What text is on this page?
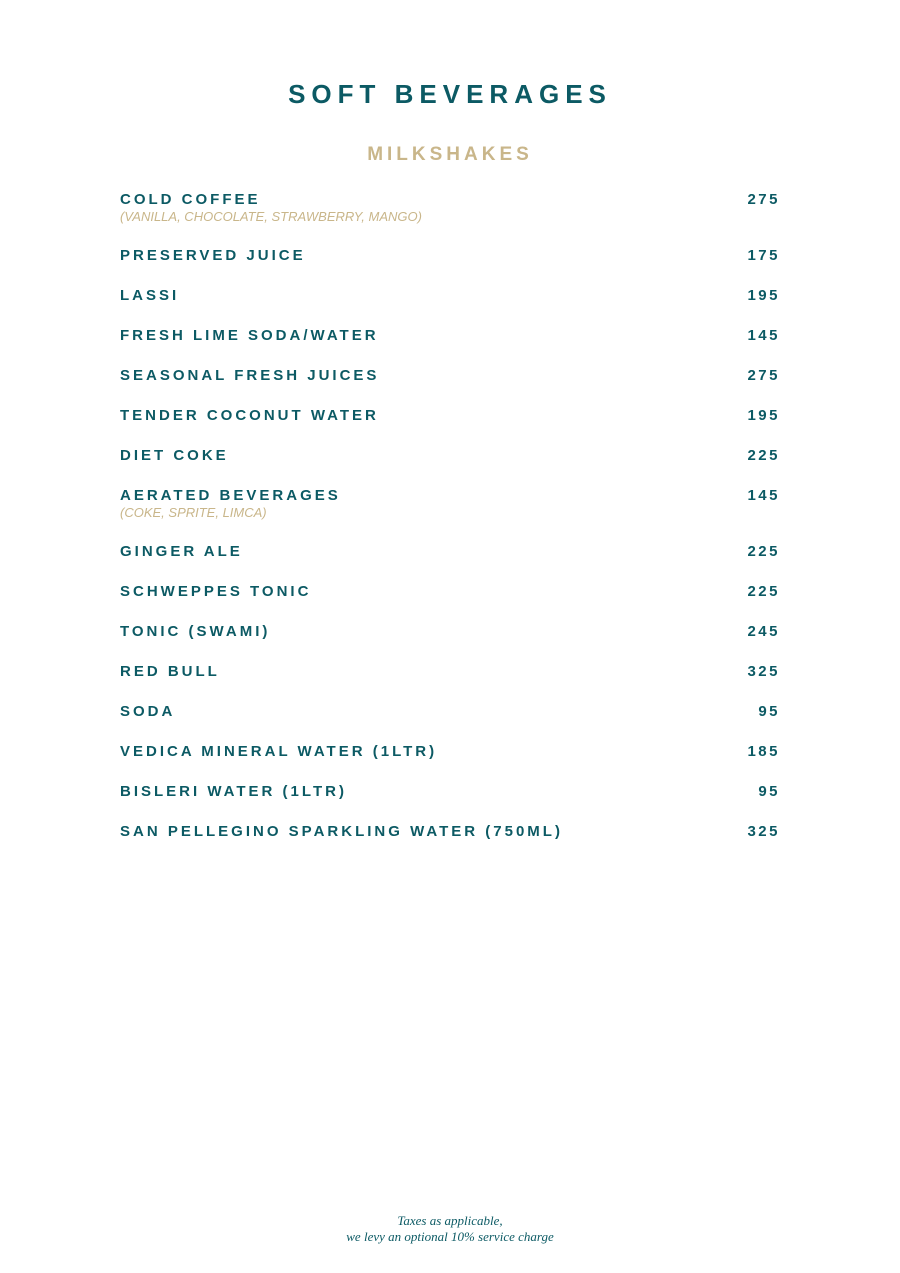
SOFT BEVERAGES
MILKSHAKES
COLD COFFEE	275
(VANILLA, CHOCOLATE, STRAWBERRY, MANGO)
PRESERVED JUICE	175
LASSI	195
FRESH LIME SODA/WATER	145
SEASONAL FRESH JUICES	275
TENDER COCONUT WATER	195
DIET COKE	225
AERATED BEVERAGES	145
(COKE, SPRITE, LIMCA)
GINGER ALE	225
SCHWEPPES TONIC	225
TONIC (SWAMI)	245
RED BULL	325
SODA	95
VEDICA MINERAL WATER (1LTR)	185
BISLERI WATER (1LTR)	95
SAN PELLEGINO SPARKLING WATER (750ML)	325
Taxes as applicable,
we levy an optional 10% service charge
